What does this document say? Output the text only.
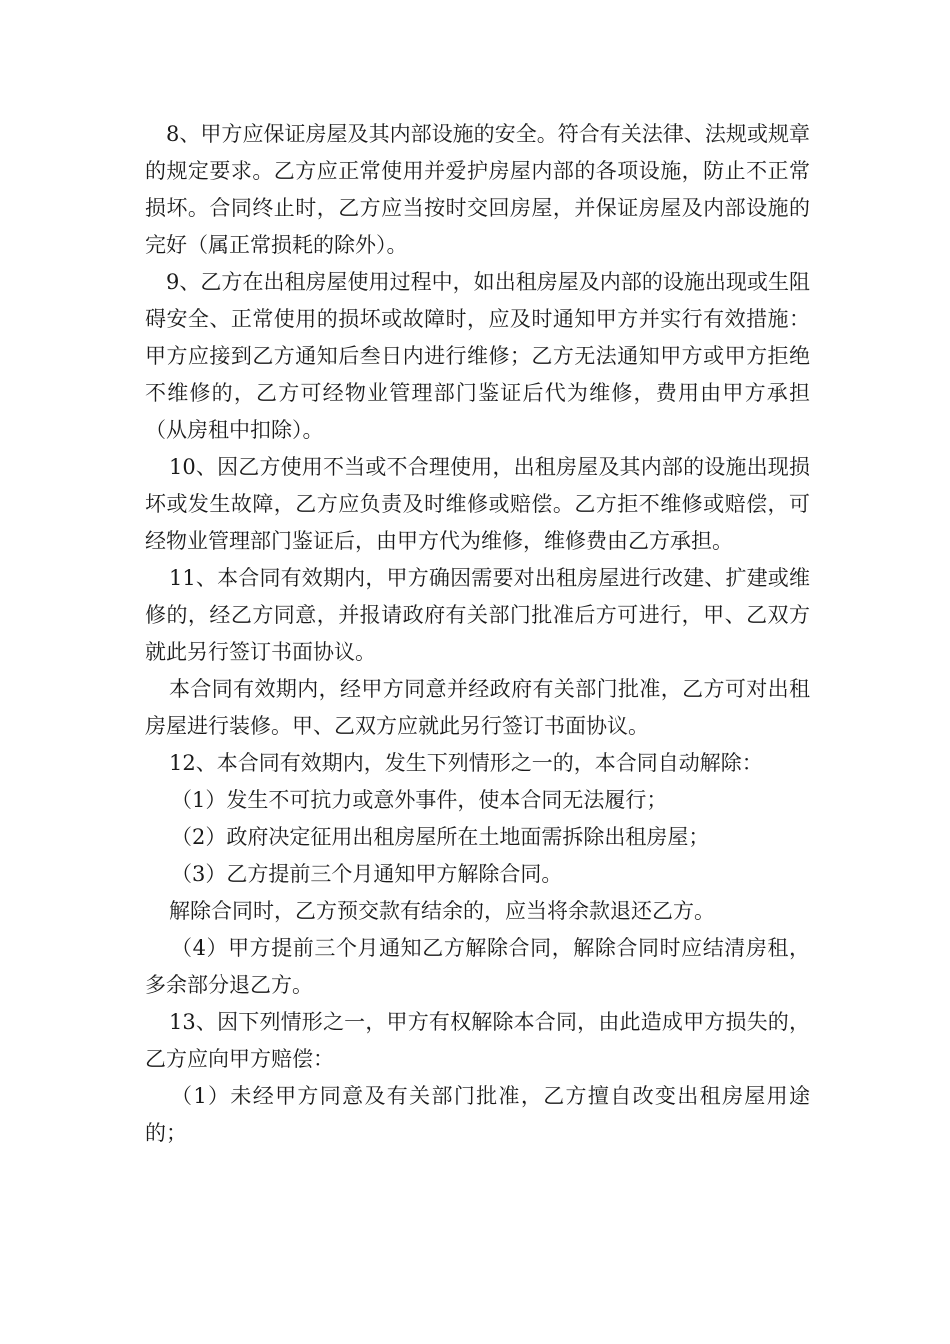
8、甲方应保证房屋及其内部设施的安全。符合有关法律、法规或规章的规定要求。乙方应正常使用并爱护房屋内部的各项设施，防止不正常损坏。合同终止时，乙方应当按时交回房屋，并保证房屋及内部设施的完好（属正常损耗的除外）。

9、乙方在出租房屋使用过程中，如出租房屋及内部的设施出现或生阻碍安全、正常使用的损坏或故障时，应及时通知甲方并实行有效措施：甲方应接到乙方通知后叁日内进行维修；乙方无法通知甲方或甲方拒绝不维修的，乙方可经物业管理部门鉴证后代为维修，费用由甲方承担（从房租中扣除）。

10、因乙方使用不当或不合理使用，出租房屋及其内部的设施出现损坏或发生故障，乙方应负责及时维修或赔偿。乙方拒不维修或赔偿，可经物业管理部门鉴证后，由甲方代为维修，维修费由乙方承担。

11、本合同有效期内，甲方确因需要对出租房屋进行改建、扩建或维修的，经乙方同意，并报请政府有关部门批准后方可进行，甲、乙双方就此另行签订书面协议。

本合同有效期内，经甲方同意并经政府有关部门批准，乙方可对出租房屋进行装修。甲、乙双方应就此另行签订书面协议。

12、本合同有效期内，发生下列情形之一的，本合同自动解除：

（1）发生不可抗力或意外事件，使本合同无法履行；

（2）政府决定征用出租房屋所在土地面需拆除出租房屋；

（3）乙方提前三个月通知甲方解除合同。

解除合同时，乙方预交款有结余的，应当将余款退还乙方。

（4）甲方提前三个月通知乙方解除合同，解除合同时应结清房租，多余部分退乙方。

13、因下列情形之一，甲方有权解除本合同，由此造成甲方损失的，乙方应向甲方赔偿：

（1）未经甲方同意及有关部门批准，乙方擅自改变出租房屋用途的；
